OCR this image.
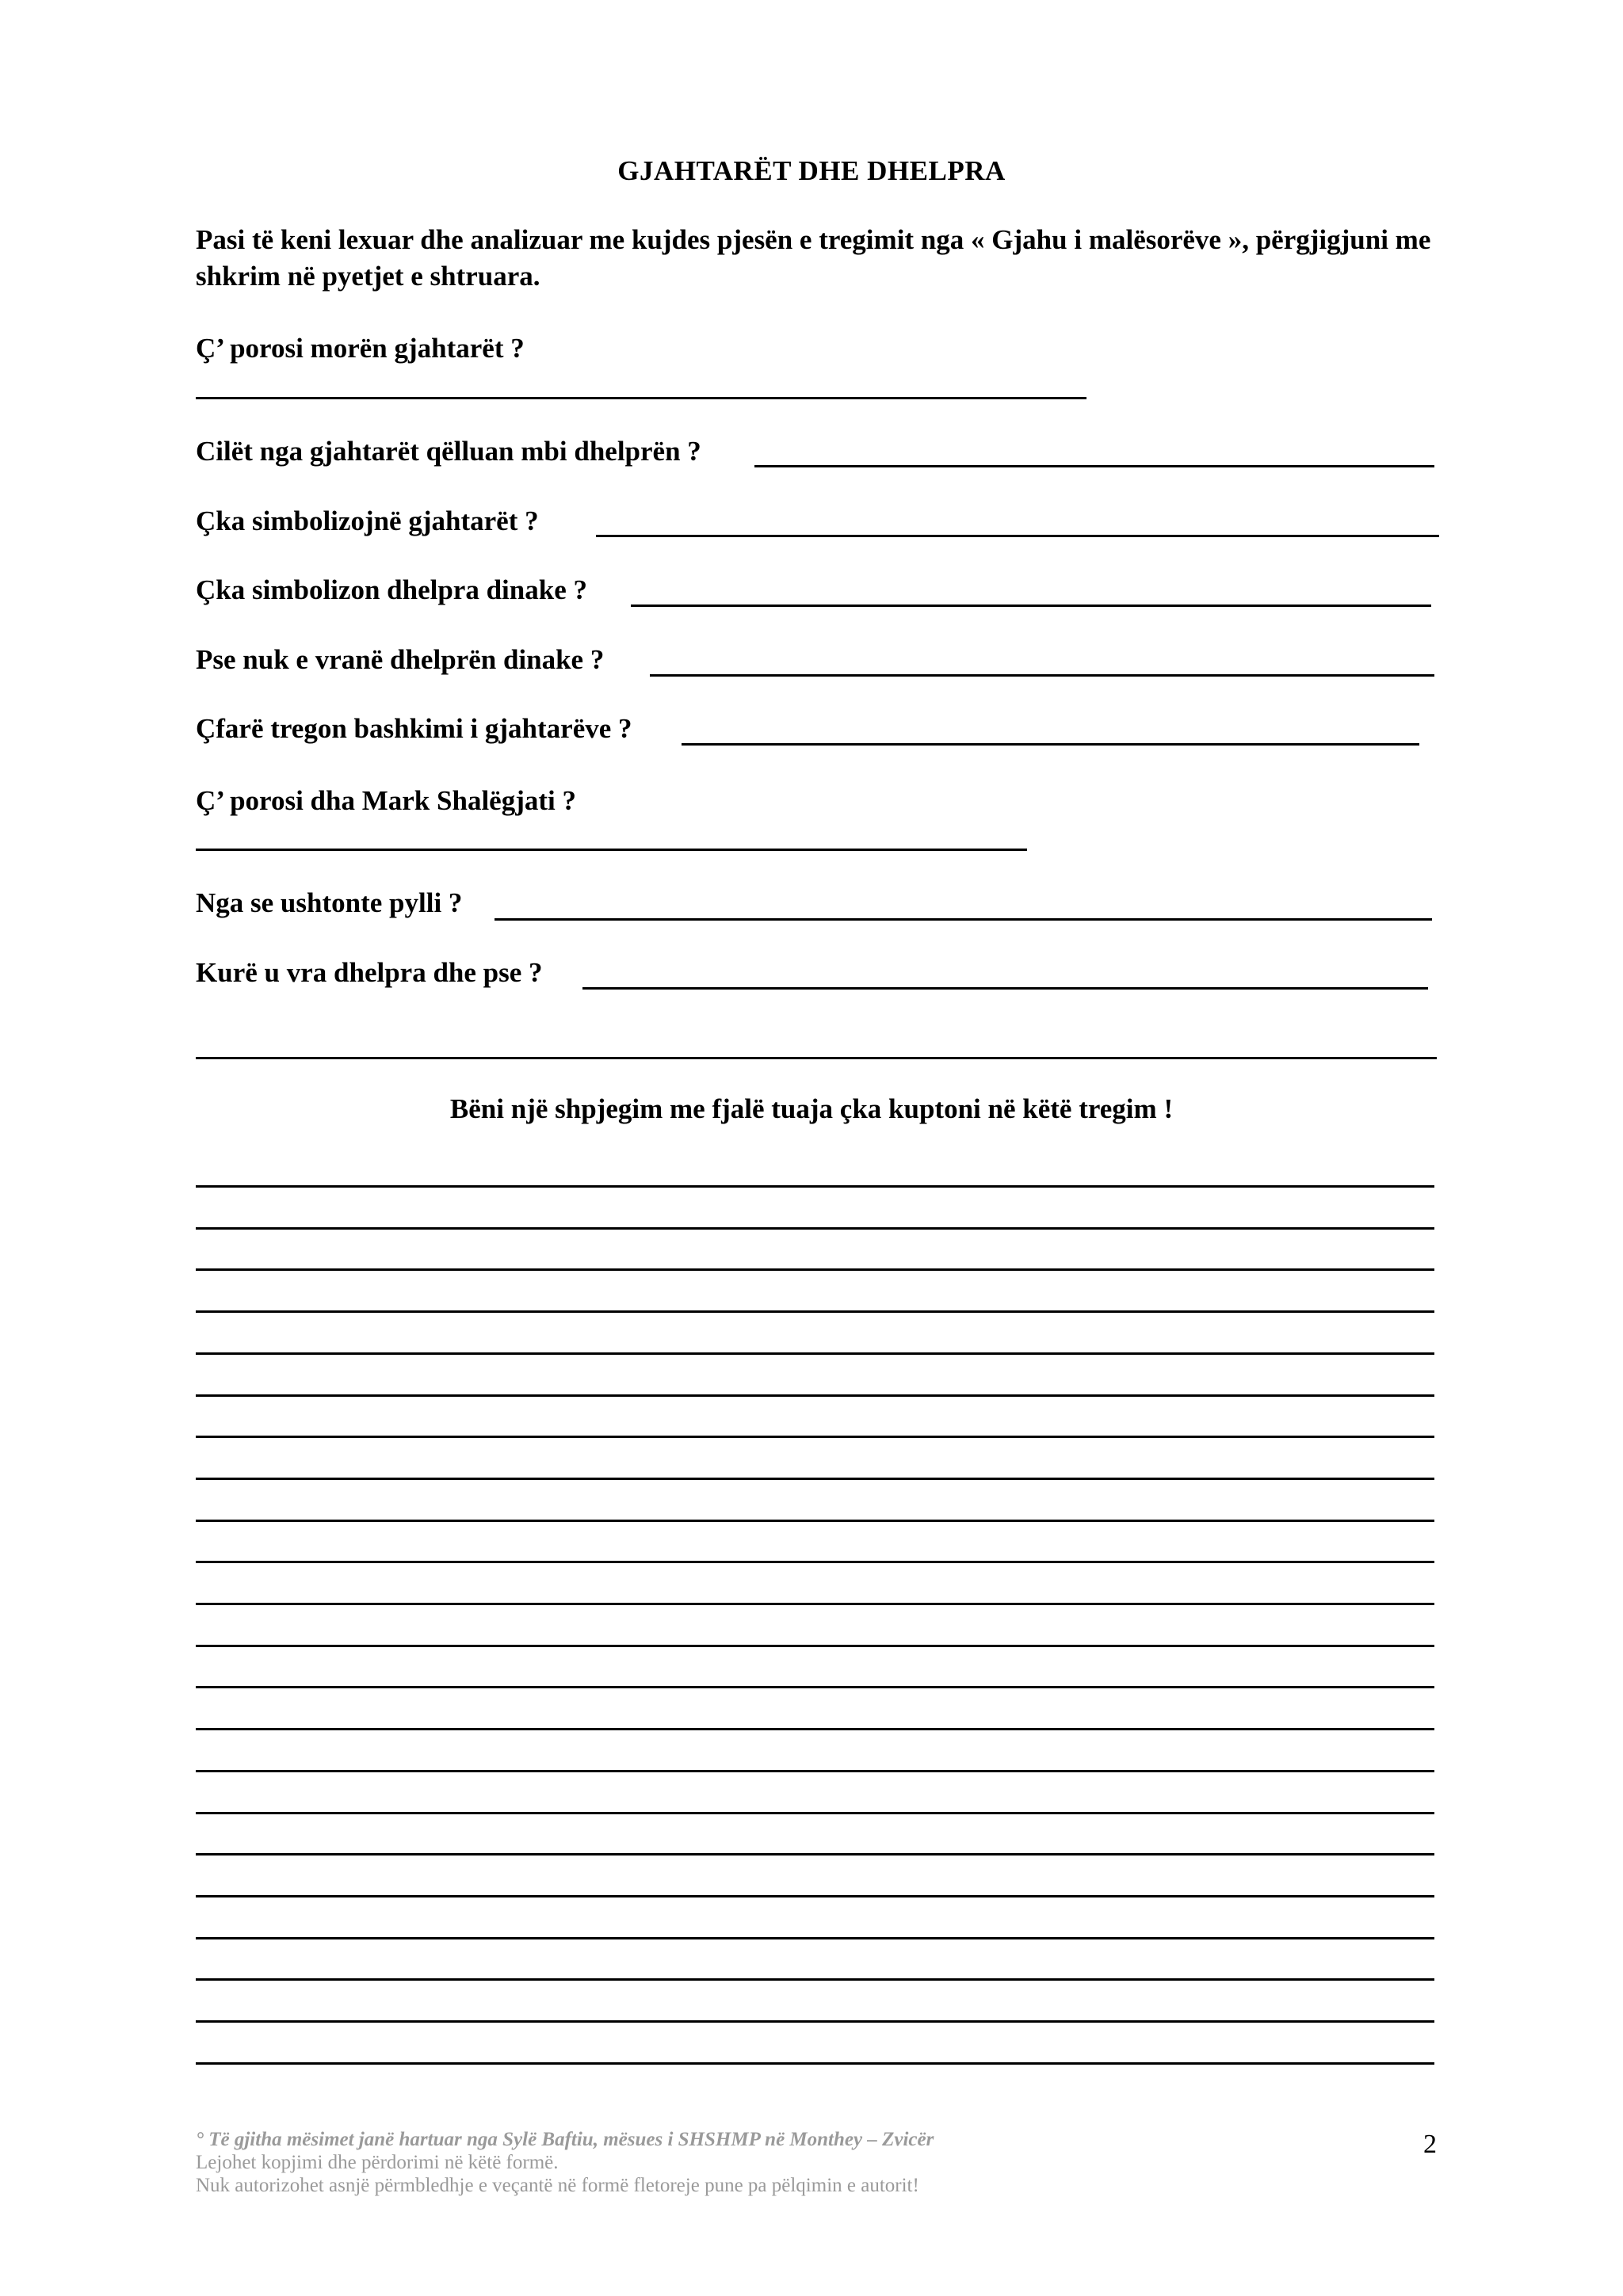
GJAHTARËT DHE DHELPRA
Pasi të keni lexuar dhe analizuar me kujdes pjesën e tregimit nga « Gjahu i malësorëve », përgjigjuni me shkrim në pyetjet e shtruara.
Ç’ porosi morën gjahtarët ?
Cilët nga gjahtarët qëlluan mbi dhelprën ?
Çka simbolizojnë gjahtarët ?
Çka simbolizon dhelpra dinake ?
Pse nuk e vranë dhelprën dinake ?
Çfarë tregon bashkimi i gjahtarëve ?
Ç’ porosi dha Mark Shalëgjati ?
Nga se ushtonte pylli ?
Kurë u vra dhelpra dhe pse ?
Bëni një shpjegim me fjalë tuaja çka kuptoni në këtë tregim !
° Të gjitha mësimet janë hartuar nga Sylë Baftiu, mësues i SHSHMP në Monthey – Zvicër
Lejohet kopjimi dhe përdorimi në këtë formë.
Nuk autorizohet asnjë përmbledhje e veçantë në formë fletoreje pune pa pëlqimin e autorit!
2
